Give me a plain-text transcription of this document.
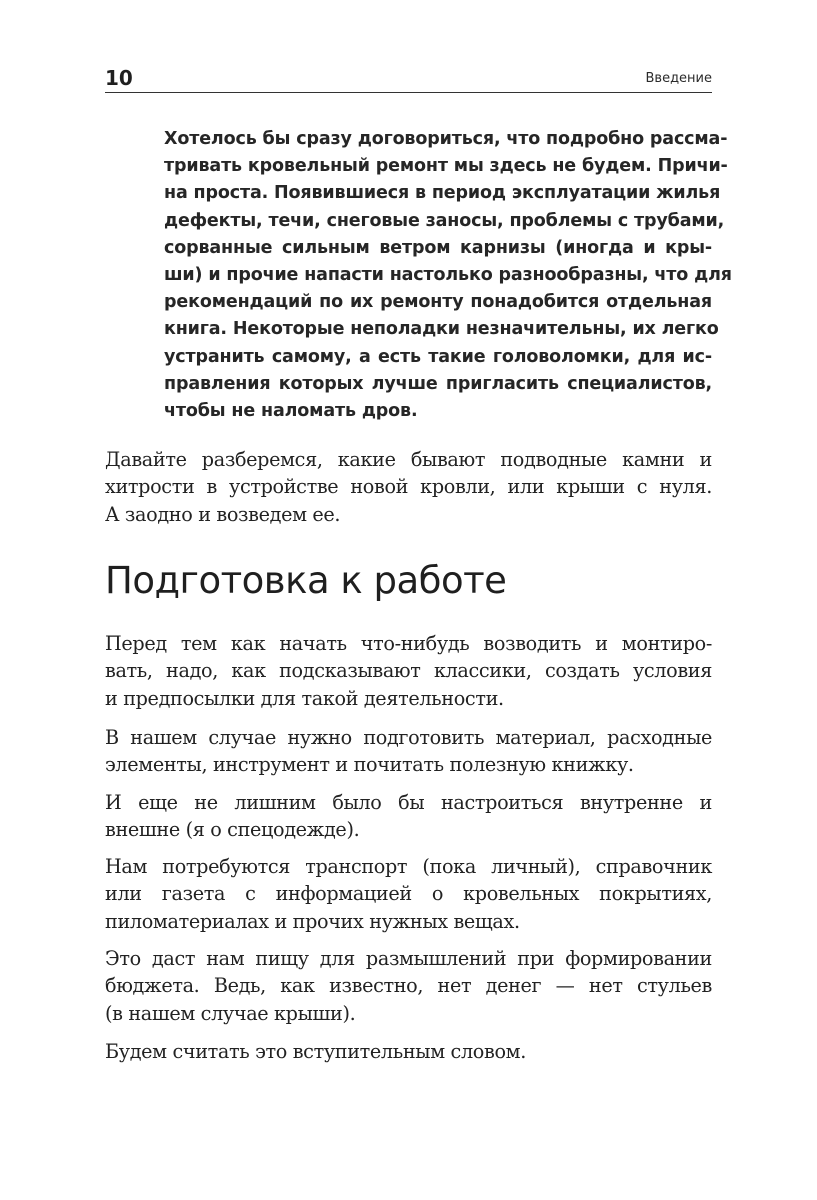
10	Введение
Хотелось бы сразу договориться, что подробно рассма-
тривать кровельный ремонт мы здесь не будем. Причи-
на проста. Появившиеся в период эксплуатации жилья
дефекты, течи, снеговые заносы, проблемы с трубами,
сорванные сильным ветром карнизы (иногда и кры-
ши) и прочие напасти настолько разнообразны, что для
рекомендаций по их ремонту понадобится отдельная
книга. Некоторые неполадки незначительны, их легко
устранить самому, а есть такие головоломки, для ис-
правления которых лучше пригласить специалистов,
чтобы не наломать дров.
Давайте разберемся, какие бывают подводные камни и
хитрости в устройстве новой кровли, или крыши с нуля.
А заодно и возведем ее.
Подготовка к работе
Перед тем как начать что-нибудь возводить и монтиро-
вать, надо, как подсказывают классики, создать условия
и предпосылки для такой деятельности.
В нашем случае нужно подготовить материал, расходные
элементы, инструмент и почитать полезную книжку.
И еще не лишним было бы настроиться внутренне и
внешне (я о спецодежде).
Нам потребуются транспорт (пока личный), справочник
или газета с информацией о кровельных покрытиях,
пиломатериалах и прочих нужных вещах.
Это даст нам пищу для размышлений при формировании
бюджета. Ведь, как известно, нет денег — нет стульев
(в нашем случае крыши).
Будем считать это вступительным словом.
